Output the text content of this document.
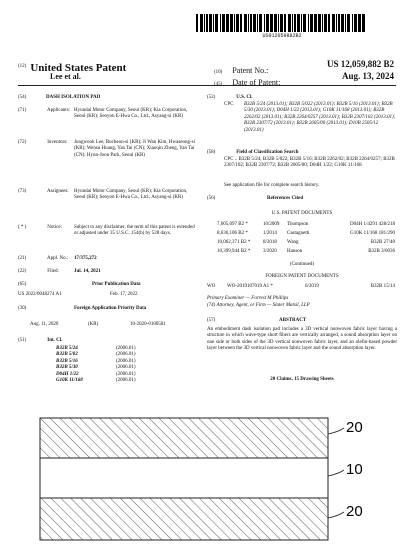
US012059882B2
(12) United States Patent
Lee et al.	(10) Patent No.:
US 12,059,882 B2
(45) Date of Patent:
Aug. 13, 2024
(54)	DASH ISOLATION PAD
(71)	Applicants: Hyundai Motor Company, Seoul (KR); Kia Corporation, Seoul (KR); Seoyon E-Hwa Co., Ltd., Asyang-si (KR)
(72)	Inventors:	Jungwook Lee, Bucheon-si (KR); Ji Wan Kim, Hwaseong-si (KR); Wensu Huang, Yan Tai (CN); Xiaoqin Zheng, Yan Tai (CN); Hyun-Joon Park, Seoul (KR)
(73)	Assignees:	Hyundai Motor Company, Seoul (KR); Kia Corporation, Seoul (KR); Seoyon E-Hwa Co., Ltd., Asyang-si (KR)
( * )	Notice:	Subject to any disclaimer, the term of this patent is extended or adjusted under 35 U.S.C. 154(b) by 528 days.
(21)	Appl. No.: 17/375,272
(22)	Filed:	Jul. 14, 2021
(65)	Prior Publication Data
US 2022/0048274 A1	Feb. 17, 2022
(30)	Foreign Application Priority Data
Aug. 11, 2020	(KR)	10-2020-0100581
(51)	Int. Cl.
B32B 5/24	(2006.01)
B32B 5/02	(2006.01)
B32B 5/16	(2006.01)
B32B 5/30	(2006.01)
D04H 1/22	(2006.01)
G10K 11/168	(2006.01)
(52)	U.S. Cl.
CPC B32B 5/24 (2013.01); B32B 5/022 (2013.01); B32B 5/16 (2013.01); B32B 5/30 (2013.01); D04H 1/22 (2013.01); G10K 11/168 (2013.01); B32B 2262/02 (2013.01); B32B 2264/0257 (2013.01); B32B 2307/102 (2013.01); B32B 2307/72 (2013.01); B32B 2605/00 (2013.01); D10B 2505/12 (2013.01)
(58)	Field of Classification Search
CPC .. B32B 5/24; B32B 5/022; B32B 5/16; B32B 2262/02; B32B 2264/0257; B32B 2307/102; B32B 2307/72; B32B 2605/00; D04H 1/22; G10K 11/168
See application file for complete search history.
(56)	References Cited
U.S. PATENT DOCUMENTS
7,605,097 B2 *	10/2009 Thompson	D04H 1/4291 428/218
8,636,106 B2 *	1/2014 Castagnetti	G10K 11/168 181/290
10,062,371 B2 *	8/2018 Wang	B32B 27/40
10,399,944 B2 *	3/2020 Hanson	B32B 3/0036
(Continued)
FOREIGN PATENT DOCUMENTS
WO WO-2019107019 A1 *	6/2019	B32B 15/14
Primary Examiner — Forrest M Phillips
(74) Attorney, Agent, or Firm — Slater Matsil, LLP
(57)	ABSTRACT
An embodiment dash isolation pad includes a 3D vertical nonwoven fabric layer having a structure in which wave-type short fibers are vertically arranged, a sound absorption layer on one side or both sides of the 3D vertical nonwoven fabric layer, and an olefin-based powder layer between the 3D vertical nonwoven fabric layer and the sound absorption layer.
20 Claims, 15 Drawing Sheets
20
10
20
